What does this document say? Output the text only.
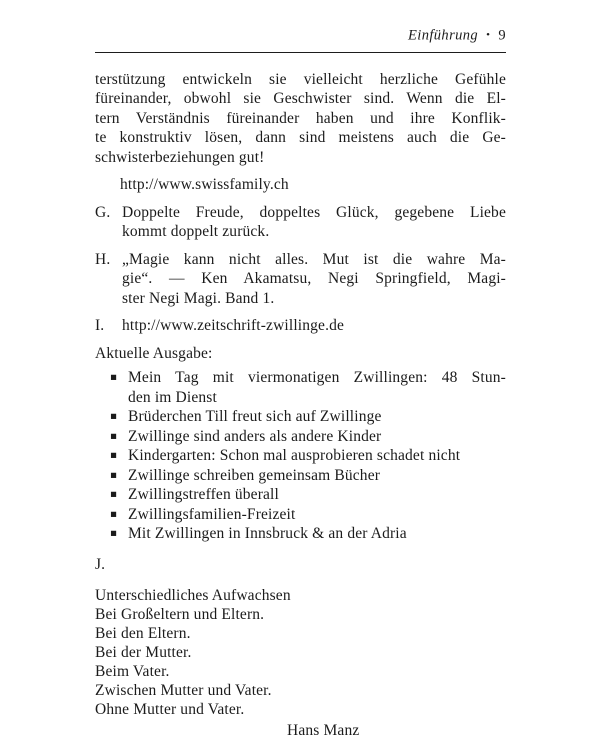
Einführung • 9
terstützung entwickeln sie vielleicht herzliche Gefühle
füreinander, obwohl sie Geschwister sind. Wenn die El-
tern Verständnis füreinander haben und ihre Konflik-
te konstruktiv lösen, dann sind meistens auch die Ge-
schwisterbeziehungen gut!
http://www.swissfamily.ch
G. Doppelte Freude, doppeltes Glück, gegebene Liebe
kommt doppelt zurück.
H. „Magie kann nicht alles. Mut ist die wahre Ma-
gie“. — Ken Akamatsu, Negi Springfield, Magi-
ster Negi Magi. Band 1.
I.	http://www.zeitschrift-zwillinge.de
Aktuelle Ausgabe:
▪ Mein Tag mit viermonatigen Zwillingen: 48 Stun-
den im Dienst
▪ Brüderchen Till freut sich auf Zwillinge
▪ Zwillinge sind anders als andere Kinder
▪ Kindergarten: Schon mal ausprobieren schadet nicht
▪ Zwillinge schreiben gemeinsam Bücher
▪ Zwillingstreffen überall
▪ Zwillingsfamilien-Freizeit
▪ Mit Zwillingen in Innsbruck & an der Adria
J.
Unterschiedliches Aufwachsen
Bei Großeltern und Eltern.
Bei den Eltern.
Bei der Mutter.
Beim Vater.
Zwischen Mutter und Vater.
Ohne Mutter und Vater.
Hans Manz
